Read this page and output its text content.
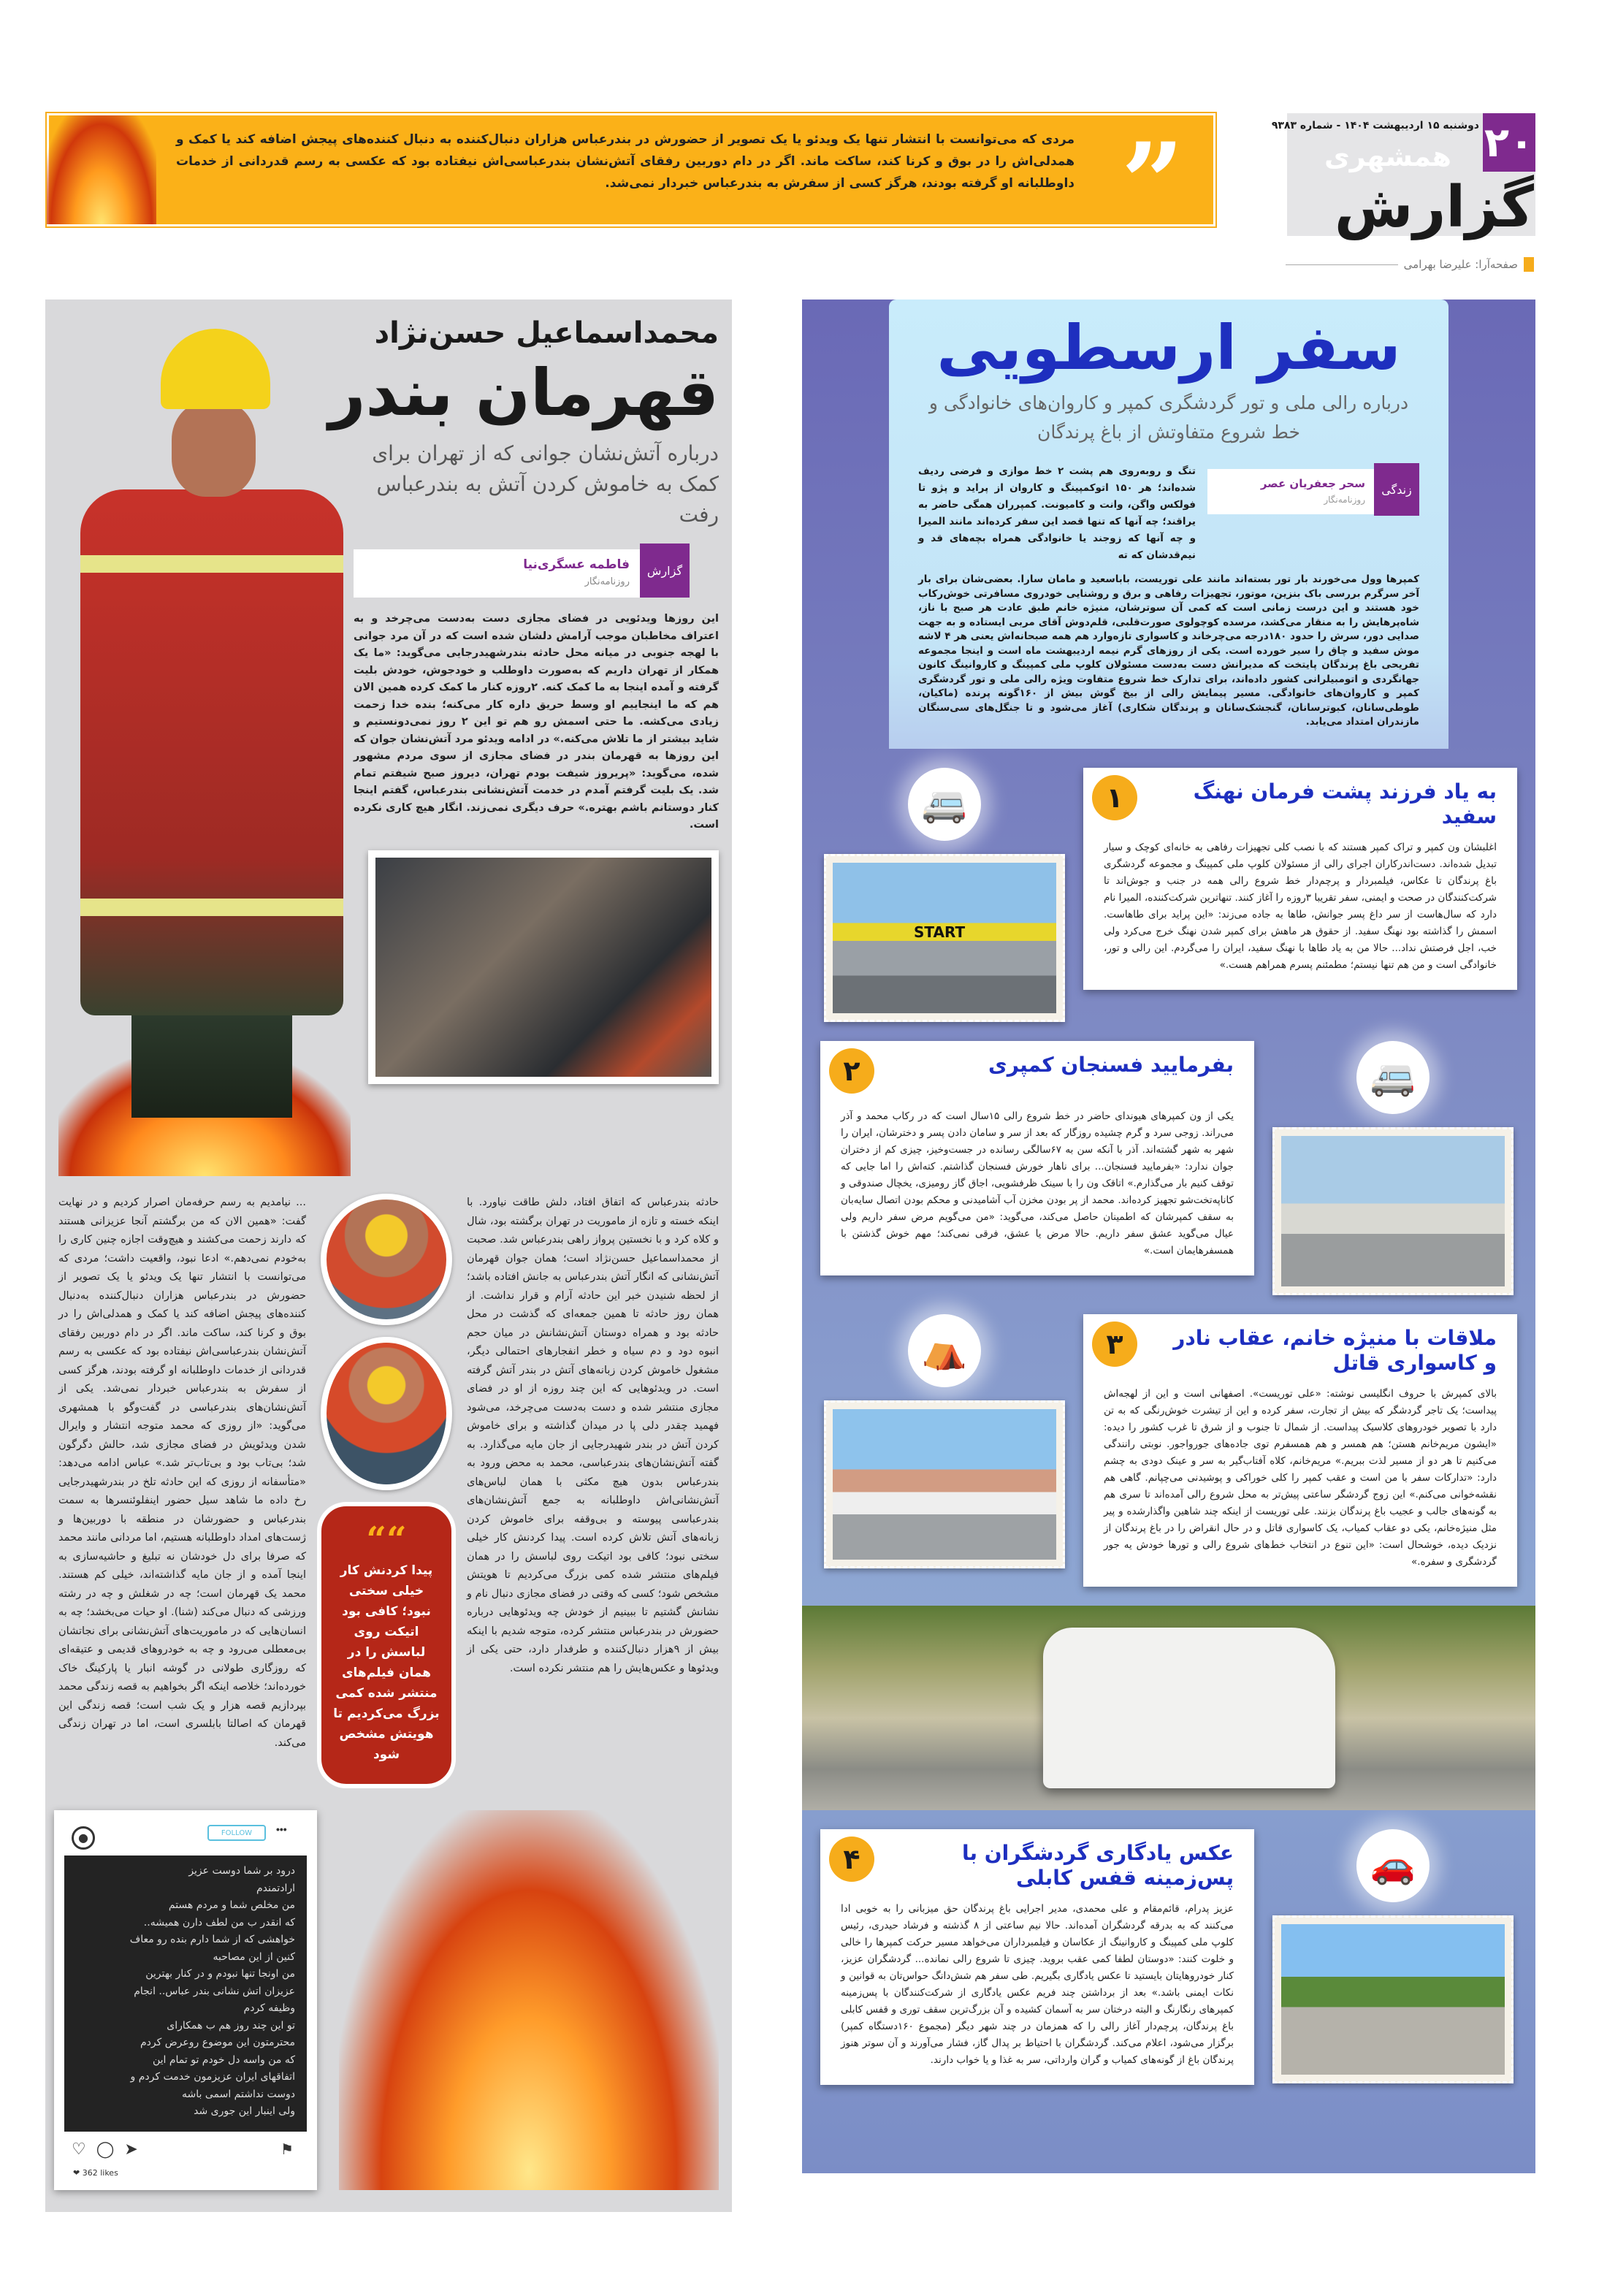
۲۰
دوشنبه ۱۵ اردیبهشت ۱۴۰۴ - شماره ۹۳۸۳
همشهری
گزارش
صفحه‌آرا: علیرضا بهرامی
”
مردی که می‌توانست با انتشار تنها یک ویدئو یا یک تصویر از حضورش در بندرعباس هزاران دنبال‌کننده به دنبال کننده‌های پیجش اضافه کند یا کمک و همدلی‌اش را در بوق و کرنا کند، ساکت ماند. اگر در دام دوربین رفقای آتش‌نشان بندرعباسی‌اش نیفتاده بود که عکسی به رسم قدردانی از خدمات داوطلبانه او گرفته بودند، هرگز کسی از سفرش به بندرعباس خبردار نمی‌شد.
محمداسماعیل حسن‌نژاد
قهرمان بندر
درباره آتش‌نشان جوانی که از تهران برای کمک به خاموش کردن آتش به بندرعباس رفت
گزارش
فاطمه عسگری‌نیا
روزنامه‌نگار
این روزها ویدئویی در فضای مجازی دست به‌دست می‌چرخد و به اعتراف مخاطبان موجب آرامش دلشان شده است که در آن مرد جوانی با لهجه جنوبی در میانه محل حادثه بندرشهیدرجایی می‌گوید: «ما یک همکار از تهران داریم که به‌صورت داوطلب و خودجوش، خودش بلیت گرفته و آمده اینجا به ما کمک کنه. ۲روزه کنار ما کمک کرده همین الان هم که ما اینجاییم او وسط حریق داره کار می‌کنه؛ بنده خدا زحمت زیادی می‌کشه. ما حتی اسمش رو هم تو این ۲ روز نمی‌دونستیم و شاید بیشتر از ما تلاش می‌کنه.» در ادامه ویدئو مرد آتش‌نشان جوان که این روزها به قهرمان بندر در فضای مجازی از سوی مردم مشهور شده، می‌گوید: «پریروز شیفت بودم تهران، دیروز صبح شیفتم تمام شد. یک بلیت گرفتم آمدم در خدمت آتش‌نشانی بندرعباس، گفتم اینجا کنار دوستانم باشم بهتره.» حرف دیگری نمی‌زند. انگار هیچ کاری نکرده است.
حادثه بندرعباس که اتفاق افتاد، دلش طاقت نیاورد. با اینکه خسته و تازه از ماموریت در تهران برگشته بود، شال و کلاه کرد و با نخستین پرواز راهی بندرعباس شد. صحبت از محمداسماعیل حسن‌نژاد است؛ همان جوان قهرمان آتش‌نشانی که انگار آتش بندرعباس به جانش افتاده باشد؛ از لحظه شنیدن خبر این حادثه آرام و قرار نداشت. از همان روز حادثه تا همین جمعه‌ای که گذشت در محل حادثه بود و همراه دوستان آتش‌نشانش در میان حجم انبوه دود و دم سیاه و خطر انفجارهای احتمالی دیگر، مشغول خاموش کردن زبانه‌های آتش در بندر آتش گرفته است. در ویدئوهایی که این چند روزه از او در فضای مجازی منتشر شده و دست به‌دست می‌چرخد، می‌شود فهمید چقدر دلی پا در میدان گذاشته و برای خاموش کردن آتش در بندر شهیدرجایی از جان مایه می‌گذارد. به گفته آتش‌نشان‌های بندرعباسی، محمد به محض ورود به بندرعباس بدون هیچ مکثی با همان لباس‌های آتش‌نشانی‌اش داوطلبانه به جمع آتش‌نشان‌های بندرعباسی پیوسته و بی‌وقفه برای خاموش کردن زبانه‌های آتش تلاش کرده است. پیدا کردنش کار خیلی سختی نبود؛ کافی بود اتیکت روی لباسش را در همان فیلم‌های منتشر شده کمی بزرگ می‌کردیم تا هویتش مشخص شود؛ کسی که وقتی در فضای مجازی دنبال نام و نشانش گشتیم تا ببینیم از خودش چه ویدئوهایی درباره حضورش در بندرعباس منتشر کرده، متوجه شدیم با اینکه بیش از ۹هزار دنبال‌کننده و طرفدار دارد، حتی یکی از ویدئوها و عکس‌هایش را هم منتشر نکرده است.
““
پیدا کردنش کار خیلی سختی نبود؛ کافی بود اتیکت روی لباسش را در همان فیلم‌های منتشر شده کمی بزرگ می‌کردیم تا هویتش مشخص شود
... نیامدیم به رسم حرفه‌مان اصرار کردیم و در نهایت گفت: «همین الان که من برگشتم آنجا عزیزانی هستند که دارند زحمت می‌کشند و هیچ‌وقت اجازه چنین کاری را به‌خودم نمی‌دهم.» ادعا نبود، واقعیت داشت؛ مردی که می‌توانست با انتشار تنها یک ویدئو یا یک تصویر از حضورش در بندرعباس هزاران دنبال‌کننده به‌دنبال کننده‌های پیجش اضافه کند یا کمک و همدلی‌اش را در بوق و کرنا کند، ساکت ماند. اگر در دام دوربین رفقای آتش‌نشان بندرعباسی‌اش نیفتاده بود که عکسی به رسم قدردانی از خدمات داوطلبانه او گرفته بودند، هرگز کسی از سفرش به بندرعباس خبردار نمی‌شد. یکی از آتش‌نشان‌های بندرعباسی در گفت‌وگو با همشهری می‌گوید: «از روزی که محمد متوجه انتشار و وایرال شدن ویدئویش در فضای مجازی شد، حالش دگرگون شد؛ بی‌تاب بود و بی‌تاب‌تر شد.» عباس ادامه می‌دهد: «متأسفانه از روزی که این حادثه تلخ در بندرشهیدرجایی رخ داده ما شاهد سیل حضور اینفلوئنسرها به سمت بندرعباس و حضورشان در منطقه با دوربین‌ها و ژست‌های امداد داوطلبانه هستیم، اما مردانی مانند محمد که صرفا برای دل خودشان نه تبلیغ و حاشیه‌سازی به اینجا آمده و از جان مایه گذاشته‌اند، خیلی کم هستند. محمد یک قهرمان است؛ چه در شغلش و چه در رشته ورزشی که دنبال می‌کند (شنا). او حیات می‌بخشد؛ چه به انسان‌هایی که در ماموریت‌های آتش‌نشانی برای نجاتشان بی‌معطلی می‌رود و چه به خودروهای قدیمی و عتیقه‌ای که روزگاری طولانی در گوشه انبار یا پارکینگ خاک خورده‌اند؛ خلاصه اینکه اگر بخواهیم به قصه زندگی محمد بپردازیم قصه هزار و یک شب است؛ قصه زندگی این قهرمان که اصالتا بابلسری است، اما در تهران زندگی می‌کند.
●	FOLLOW	•••
درود بر شما دوست عزیز
ارادتمندم
من مخلص شما و مردم هستم
که انقدر ب من لطف دارن همیشه..
خواهشی که از شما دارم بنده رو معاف
کنین از این مصاحبه
من اونجا تنها نبودم و در کنار بهترین
عزیزان اتش نشانی بندر عباس.. انجام
وظیفه کردم
تو این چند روز هم ب همکارای
محترمتون این موضوع روعرض کردم
که من واسه دل خودم تو تمام این
اتفاقهای ایران عزیزمون خدمت کردم و
دوست نداشتم اسمی باشه
ولی اینبار این جوری شد
♡ ◯ ➤	⚑
❤ 362 likes
سفر ارسطویی
درباره رالی ملی و تور گردشگری کمپر و کاروان‌های خانوادگی و خط شروع متفاوتش از باغ پرندگان
زندگی
سحر جعفریان عصر
روزنامه‌نگار
تنگ و روبه‌روی هم پشت ۲ خط موازی و فرضی ردیف شده‌اند؛ هر ۱۵۰ اتوکمپینگ و کاروان از پراید و پژو تا فولکس واگن، وانت و کامیونت. کمپرران همگی حاضر به یراقند؛ چه آنها که تنها قصد این سفر کرده‌اند مانند المیرا و چه آنها که زوجند یا خانوادگی همراه بچه‌های قد و نیم‌قدشان که ته
کمپرها وول می‌خورند بار تور بسته‌اند مانند علی توریست، باباسعید و مامان سارا. بعضی‌شان برای بار آخر سرگرم بررسی باک بنزین، موتور، تجهیزات رفاهی و برق و روشنایی خودروی مسافرتی خوش‌رکاب خود هستند و این درست زمانی است که کمی آن سوترشان، منیژه خانم طبق عادت هر صبح با ناز، شاه‌پرهایش را به منقار می‌کشد، مرسده کوچولوی صورت‌قلبی، قلم‌دوش آقای مربی ایستاده و به جهت صدایی دور، سرش را حدود ۱۸۰درجه می‌چرخاند و کاسواری تازه‌وارد هم همه صبحانه‌اش یعنی هر ۴ لاشه موش سفید و چاق را سیر خورده است. یکی از روزهای گرم نیمه اردیبهشت ماه است و اینجا مجموعه تفریحی باغ پرندگان پایتخت که مدیرانش دست به‌دست مسئولان کلوپ ملی کمپینگ و کاروانینگ کانون جهانگردی و اتومبیلرانی کشور داده‌اند، برای تدارک خط شروع متفاوت ویژه رالی ملی و تور گردشگری کمپر و کاروان‌های خانوادگی. مسیر پیمایش رالی از بیخ گوش بیش از ۱۶۰گونه پرنده (ماکیان، طوطی‌سانان، کبوترسانان، گنجشک‌سانان و پرندگان شکاری) آغاز می‌شود و تا جنگل‌های سی‌سنگان مازندران امتداد می‌یابد.
۱	به یاد فرزند پشت فرمان نهنگ سفید

اغلبشان ون کمپر و تراک کمپر هستند که با نصب کلی تجهیزات رفاهی به خانه‌ای کوچک و سیار تبدیل شده‌اند. دست‌اندرکاران اجرای رالی از مسئولان کلوپ ملی کمپینگ و مجموعه گردشگری باغ پرندگان تا عکاس، فیلمبردار و پرچم‌دار خط شروع رالی همه در جنب و جوش‌اند تا شرکت‌کنندگان در صحت و ایمنی، سفر تقریبا ۳روزه را آغاز کنند. تنهاترین شرکت‌کننده، المیرا نام دارد که سال‌هاست از سر داغ پسر جوانش، طاها به جاده می‌زند: «این پراید برای طاهاست. اسمش را گذاشته بود نهنگ سفید. از حقوق هر ماهش برای کمپر شدن نهنگ خرج می‌کرد ولی خب، اجل فرصتش نداد... حالا من به یاد طاها با نهنگ سفید، ایران را می‌گردم. این رالی و تور، خانوادگی است و من هم تنها نیستم؛ مطمئنم پسرم همراهم هست.»

🚐
START
🚐
۲	بفرمایید فسنجان کمپری

یکی از ون کمپرهای هیوندای حاضر در خط شروع رالی ۱۵سال است که در رکاب محمد و آذر می‌راند. زوجی سرد و گرم چشیده روزگار که بعد از سر و سامان دادن پسر و دخترشان، ایران را شهر به شهر گشته‌اند. آذر با آنکه سن به ۶۷سالگی رسانده در جست‌وخیز، چیزی کم از دختران جوان ندارد: «بفرمایید فسنجان... برای ناهار خورش فسنجان گذاشتم. کته‌اش را اما جایی که توقف کنیم بار می‌گذارم.» اتاقک ون را با سینک ظرفشویی، اجاق گاز رومیزی، یخچال صندوقی و کاناپه‌تخت‌شو تجهیز کرده‌اند. محمد از پر بودن مخزن آب آشامیدنی و محکم بودن اتصال سایه‌بان به سقف کمپرشان که اطمینان حاصل می‌کند، می‌گوید: «من می‌گویم مرض سفر داریم ولی عیال می‌گوید عشق سفر داریم. حالا مرض یا عشق، فرقی نمی‌کند؛ مهم خوش گذشتن با همسفرهایمان است.»

۳	ملاقات با منیژه خانم، عقاب نادر و کاسواری قاتل

بالای کمپرش با حروف انگلیسی نوشته: «علی توریست». اصفهانی است و این از لهجه‌اش پیداست؛ یک تاجر گردشگر که بیش از تجارت، سفر کرده و این از تیشرت خوش‌رنگی که به تن دارد با تصویر خودروهای کلاسیک پیداست. از شمال تا جنوب و از شرق تا غرب کشور را دیده: «ایشون مریم‌خانم هستن؛ هم همسر و هم همسفرم توی جاده‌های جورواجور. نوبتی رانندگی می‌کنیم تا هر دو از مسیر لذت ببریم.» مریم‌خانم، کلاه آفتاب‌گیر به سر و عینک دودی به چشم دارد: «تدارکات سفر با من است و عقب کمپر را کلی خوراکی و پوشیدنی می‌چپانم. گاهی هم نقشه‌خوانی می‌کنم.» این زوج گردشگر ساعتی پیش‌تر به محل شروع رالی آمده‌اند تا سری هم به گونه‌های جالب و عجیب باغ پرندگان بزنند. علی توریست از اینکه چند شاهین واگذارشده و پیر مثل منیژه‌خانم، یکی دو عقاب کمیاب، یک کاسواری قاتل و در حال انقراض را در باغ پرندگان از نزدیک دیده، خوشحال است: «این تنوع در انتخاب خط‌های شروع رالی و تورها خودش یه جور گردشگری و سفره.»

⛺
🚗
۴	عکس یادگاری گردشگران با پس‌زمینه قفس کابلی

عزیز پدرام، قائم‌مقام و علی محمدی، مدیر اجرایی باغ پرندگان حق میزبانی را به خوبی ادا می‌کنند که به بدرقه گردشگران آمده‌اند. حالا نیم ساعتی از ۸ گذشته و فرشاد حیدری، رئیس کلوپ ملی کمپینگ و کاروانینگ از عکاسان و فیلمبرداران می‌خواهد مسیر حرکت کمپرها را خالی و خلوت کنند: «دوستان لطفا کمی عقب بروید. چیزی تا شروع رالی نمانده... گردشگران عزیز، کنار خودروهایتان بایستید تا عکس یادگاری بگیریم. طی سفر هم شش‌دانگ حواس‌تان به قوانین و نکات ایمنی باشد.» بعد از برداشتن چند فریم عکس یادگاری از شرکت‌کنندگان با پس‌زمینه کمپرهای رنگارنگ و البته درختان سر به آسمان کشیده و آن بزرگ‌ترین سقف توری و قفس کابلی باغ پرندگان، پرچم‌دار آغاز رالی را که همزمان در چند شهر دیگر (مجموع ۱۶۰دستگاه کمپر) برگزار می‌شود، اعلام می‌کند. گردشگران با احتیاط بر پدال گاز، فشار می‌آورند و آن سوتر هنوز پرندگان باغ از گونه‌های کمیاب و گران وارداتی، سر به غذا و یا خواب دارند.
